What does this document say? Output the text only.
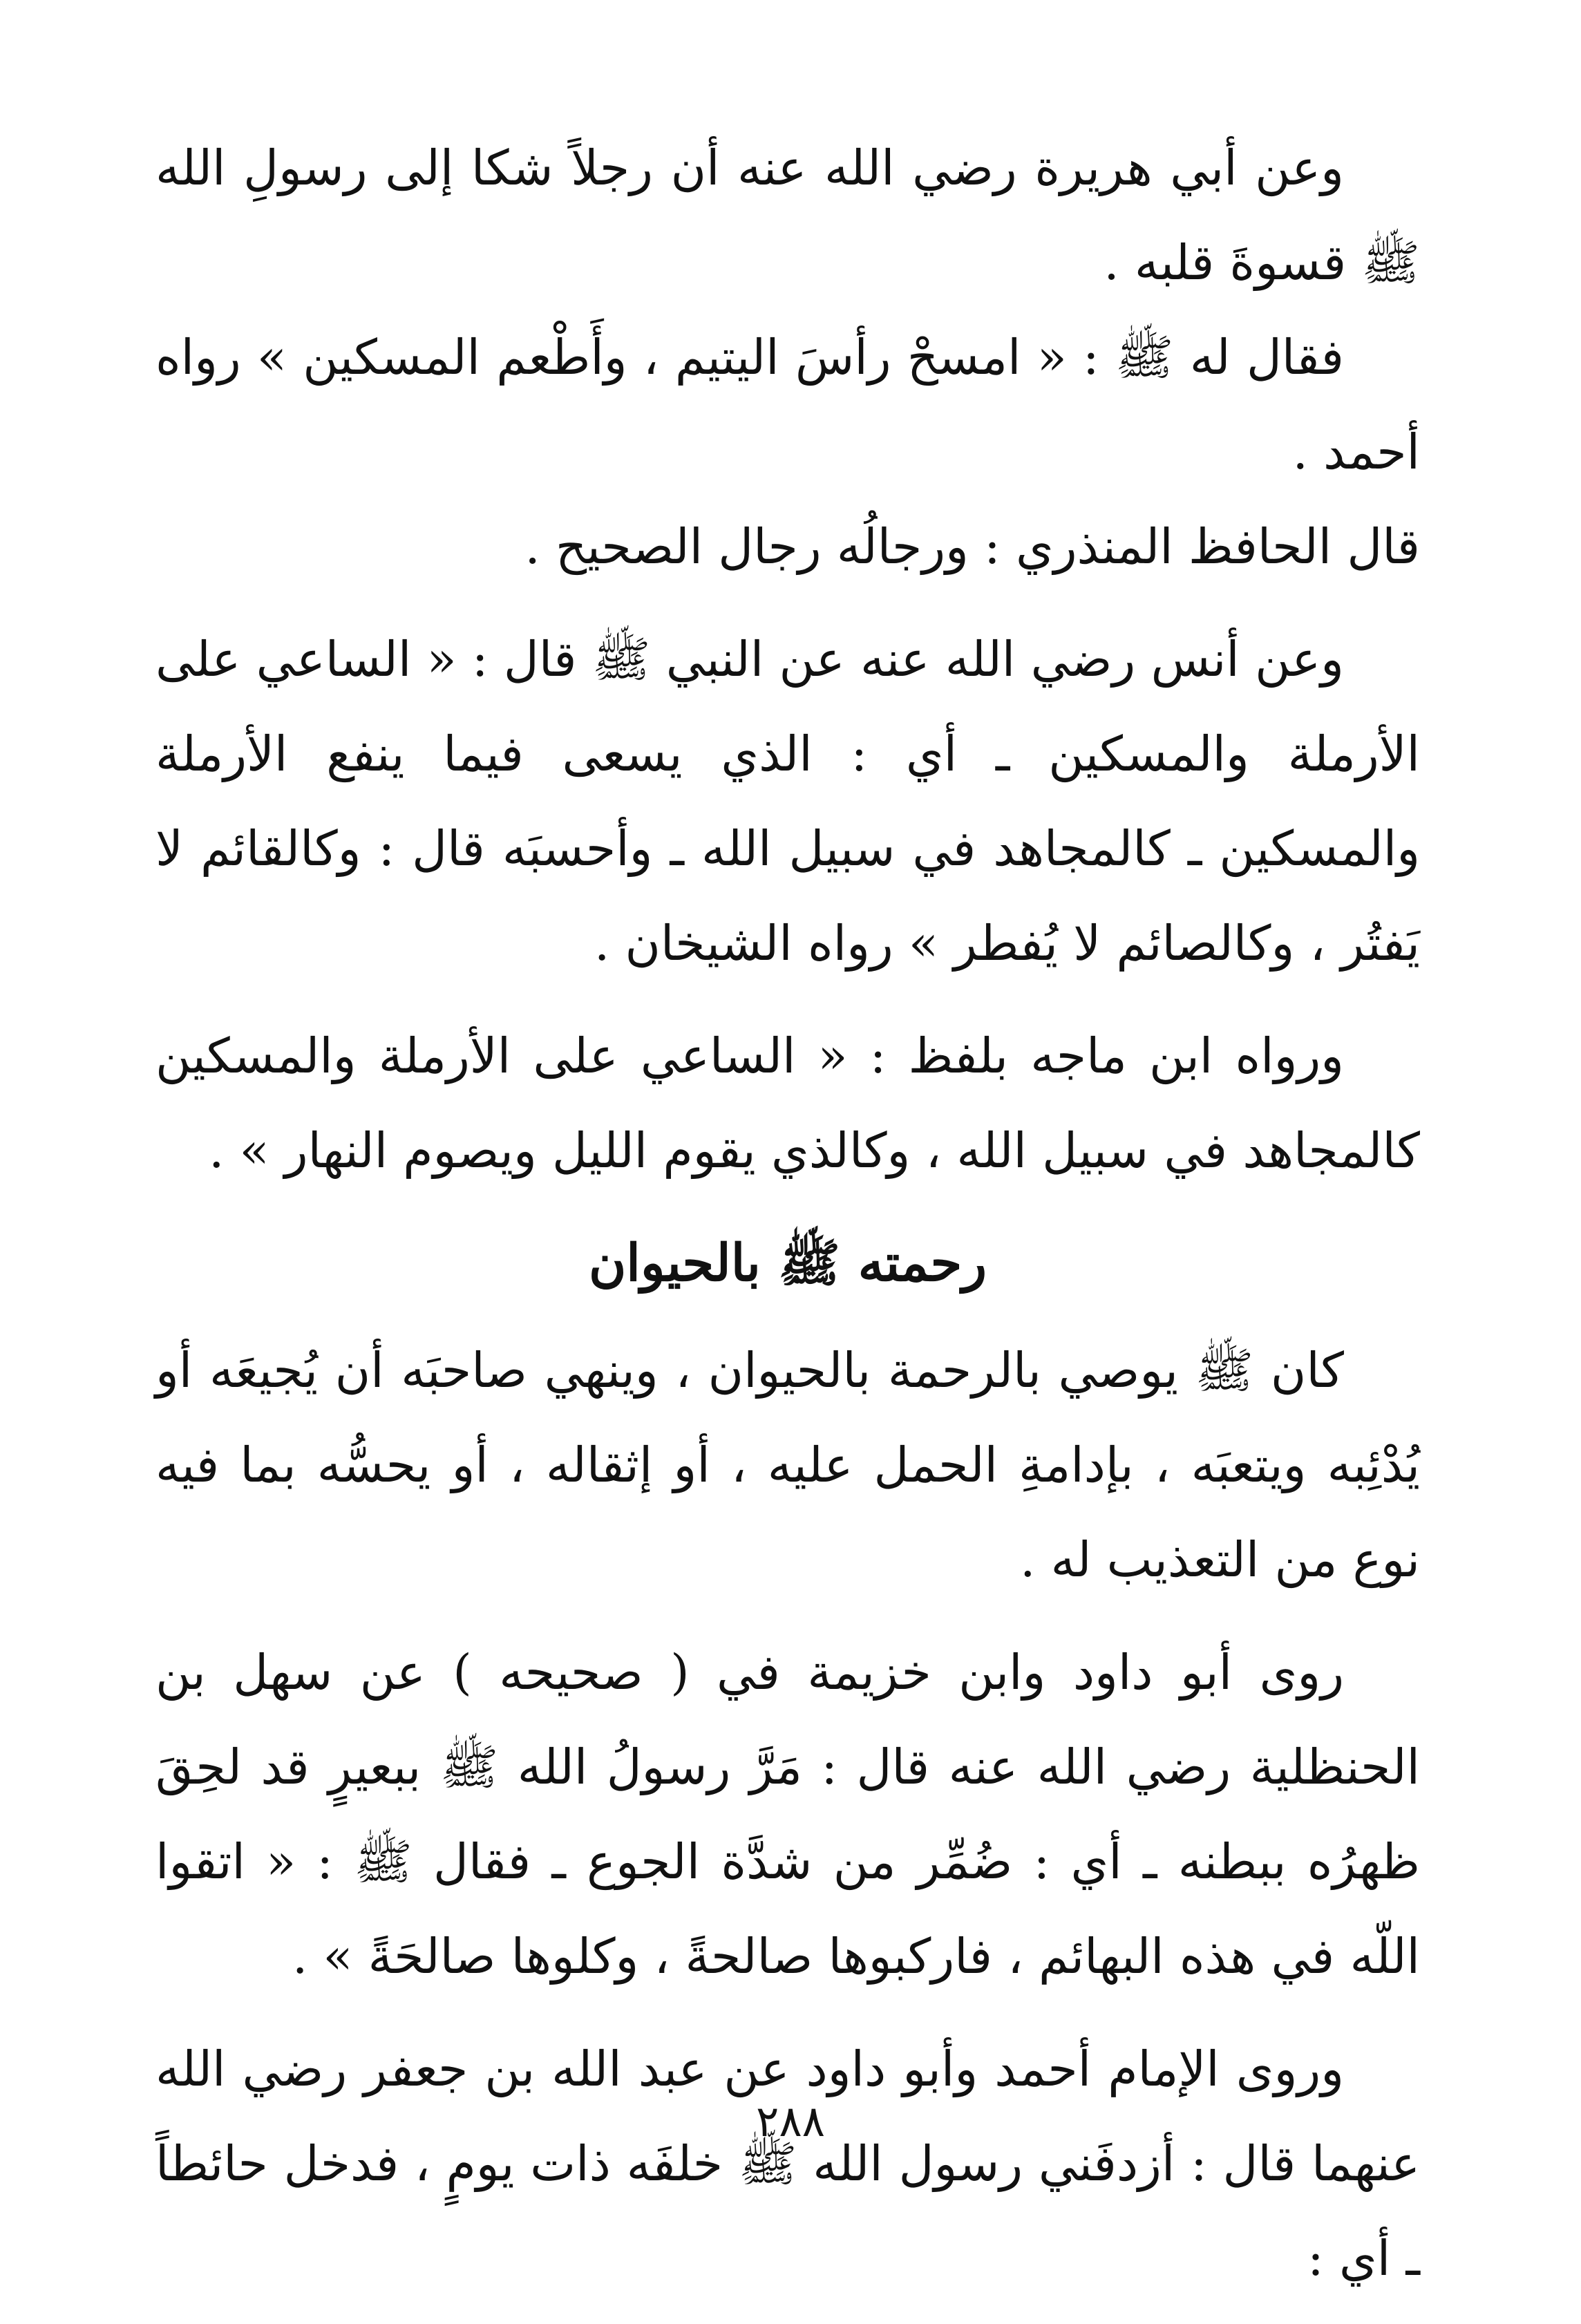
وعن أبي هريرة رضي الله عنه أن رجلاً شكا إلى رسولِ الله ﷺ قسوةَ قلبه .

فقال له ﷺ : « امسحْ رأسَ اليتيم ، وأَطْعم المسكين » رواه أحمد .

قال الحافظ المنذري : ورجالُه رجال الصحيح .

وعن أنس رضي الله عنه عن النبي ﷺ قال : « الساعي على الأرملة والمسكين ـ أي : الذي يسعى فيما ينفع الأرملة والمسكين ـ كالمجاهد في سبيل الله ـ وأحسبَه قال : وكالقائم لا يَفتُر ، وكالصائم لا يُفطر » رواه الشيخان .

ورواه ابن ماجه بلفظ : « الساعي على الأرملة والمسكين كالمجاهد في سبيل الله ، وكالذي يقوم الليل ويصوم النهار » .

رحمته ﷺ بالحيوان

كان ﷺ يوصي بالرحمة بالحيوان ، وينهي صاحبَه أن يُجيعَه أو يُدْئِبه ويتعبَه ، بإدامةِ الحمل عليه ، أو إثقاله ، أو يحسُّه بما فيه نوع من التعذيب له .

روى أبو داود وابن خزيمة في ( صحيحه ) عن سهل بن الحنظلية رضي الله عنه قال : مَرَّ رسولُ الله ﷺ ببعيرٍ قد لحِقَ ظهرُه ببطنه ـ أي : ضُمِّر من شدَّة الجوع ـ فقال ﷺ : « اتقوا اللّه في هذه البهائم ، فاركبوها صالحةً ، وكلوها صالحَةً » .

وروى الإمام أحمد وأبو داود عن عبد الله بن جعفر رضي الله عنهما قال : أزدفَني رسول الله ﷺ خلفَه ذات يومٍ ، فدخل حائطاً ـ أي :

٢٨٨
